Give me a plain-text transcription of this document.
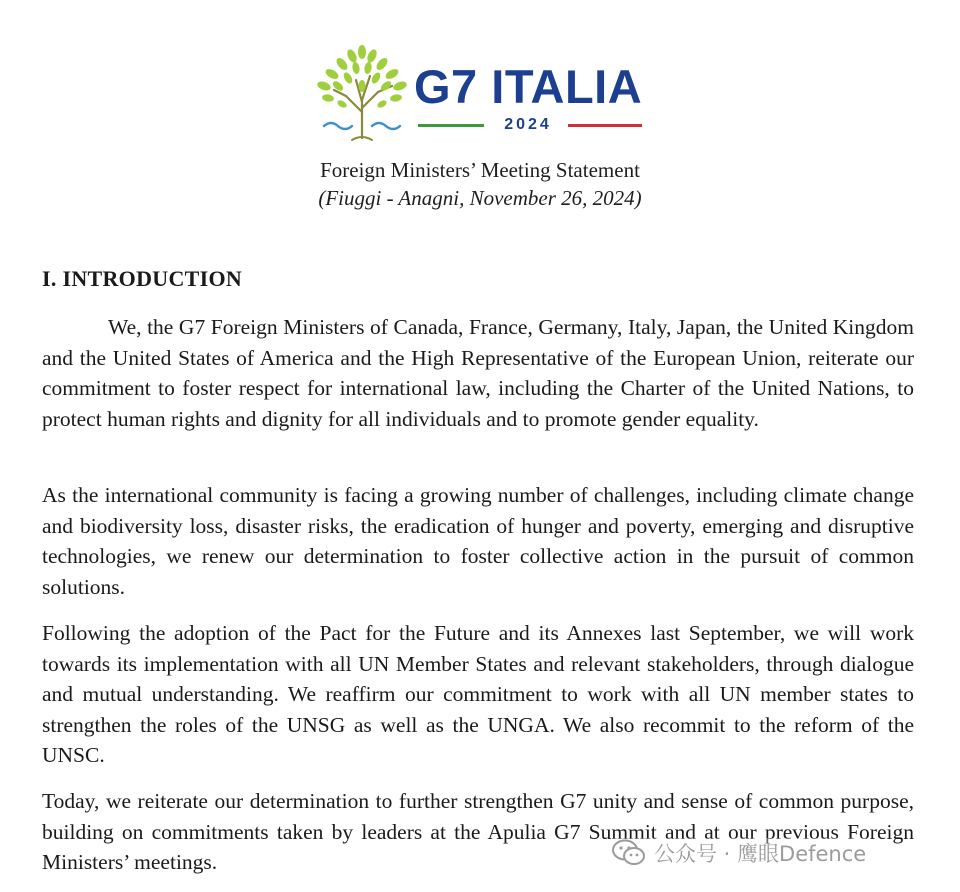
G7 ITALIA
2024
Foreign Ministers’ Meeting Statement
(Fiuggi - Anagni, November 26, 2024)
I. INTRODUCTION

We, the G7 Foreign Ministers of Canada, France, Germany, Italy, Japan, the United Kingdom and the United States of America and the High Representative of the European Union, reiterate our commitment to foster respect for international law, including the Charter of the United Nations, to protect human rights and dignity for all individuals and to promote gender equality.

As the international community is facing a growing number of challenges, including climate change and biodiversity loss, disaster risks, the eradication of hunger and poverty, emerging and disruptive technologies, we renew our determination to foster collective action in the pursuit of common solutions.

Following the adoption of the Pact for the Future and its Annexes last September, we will work towards its implementation with all UN Member States and relevant stakeholders, through dialogue and mutual understanding. We reaffirm our commitment to work with all UN member states to strengthen the roles of the UNSG as well as the UNGA. We also recommit to the reform of the UNSC.

Today, we reiterate our determination to further strengthen G7 unity and sense of common purpose, building on commitments taken by leaders at the Apulia G7 Summit and at our previous Foreign Ministers’ meetings.	公众号 · 鹰眼Defence
